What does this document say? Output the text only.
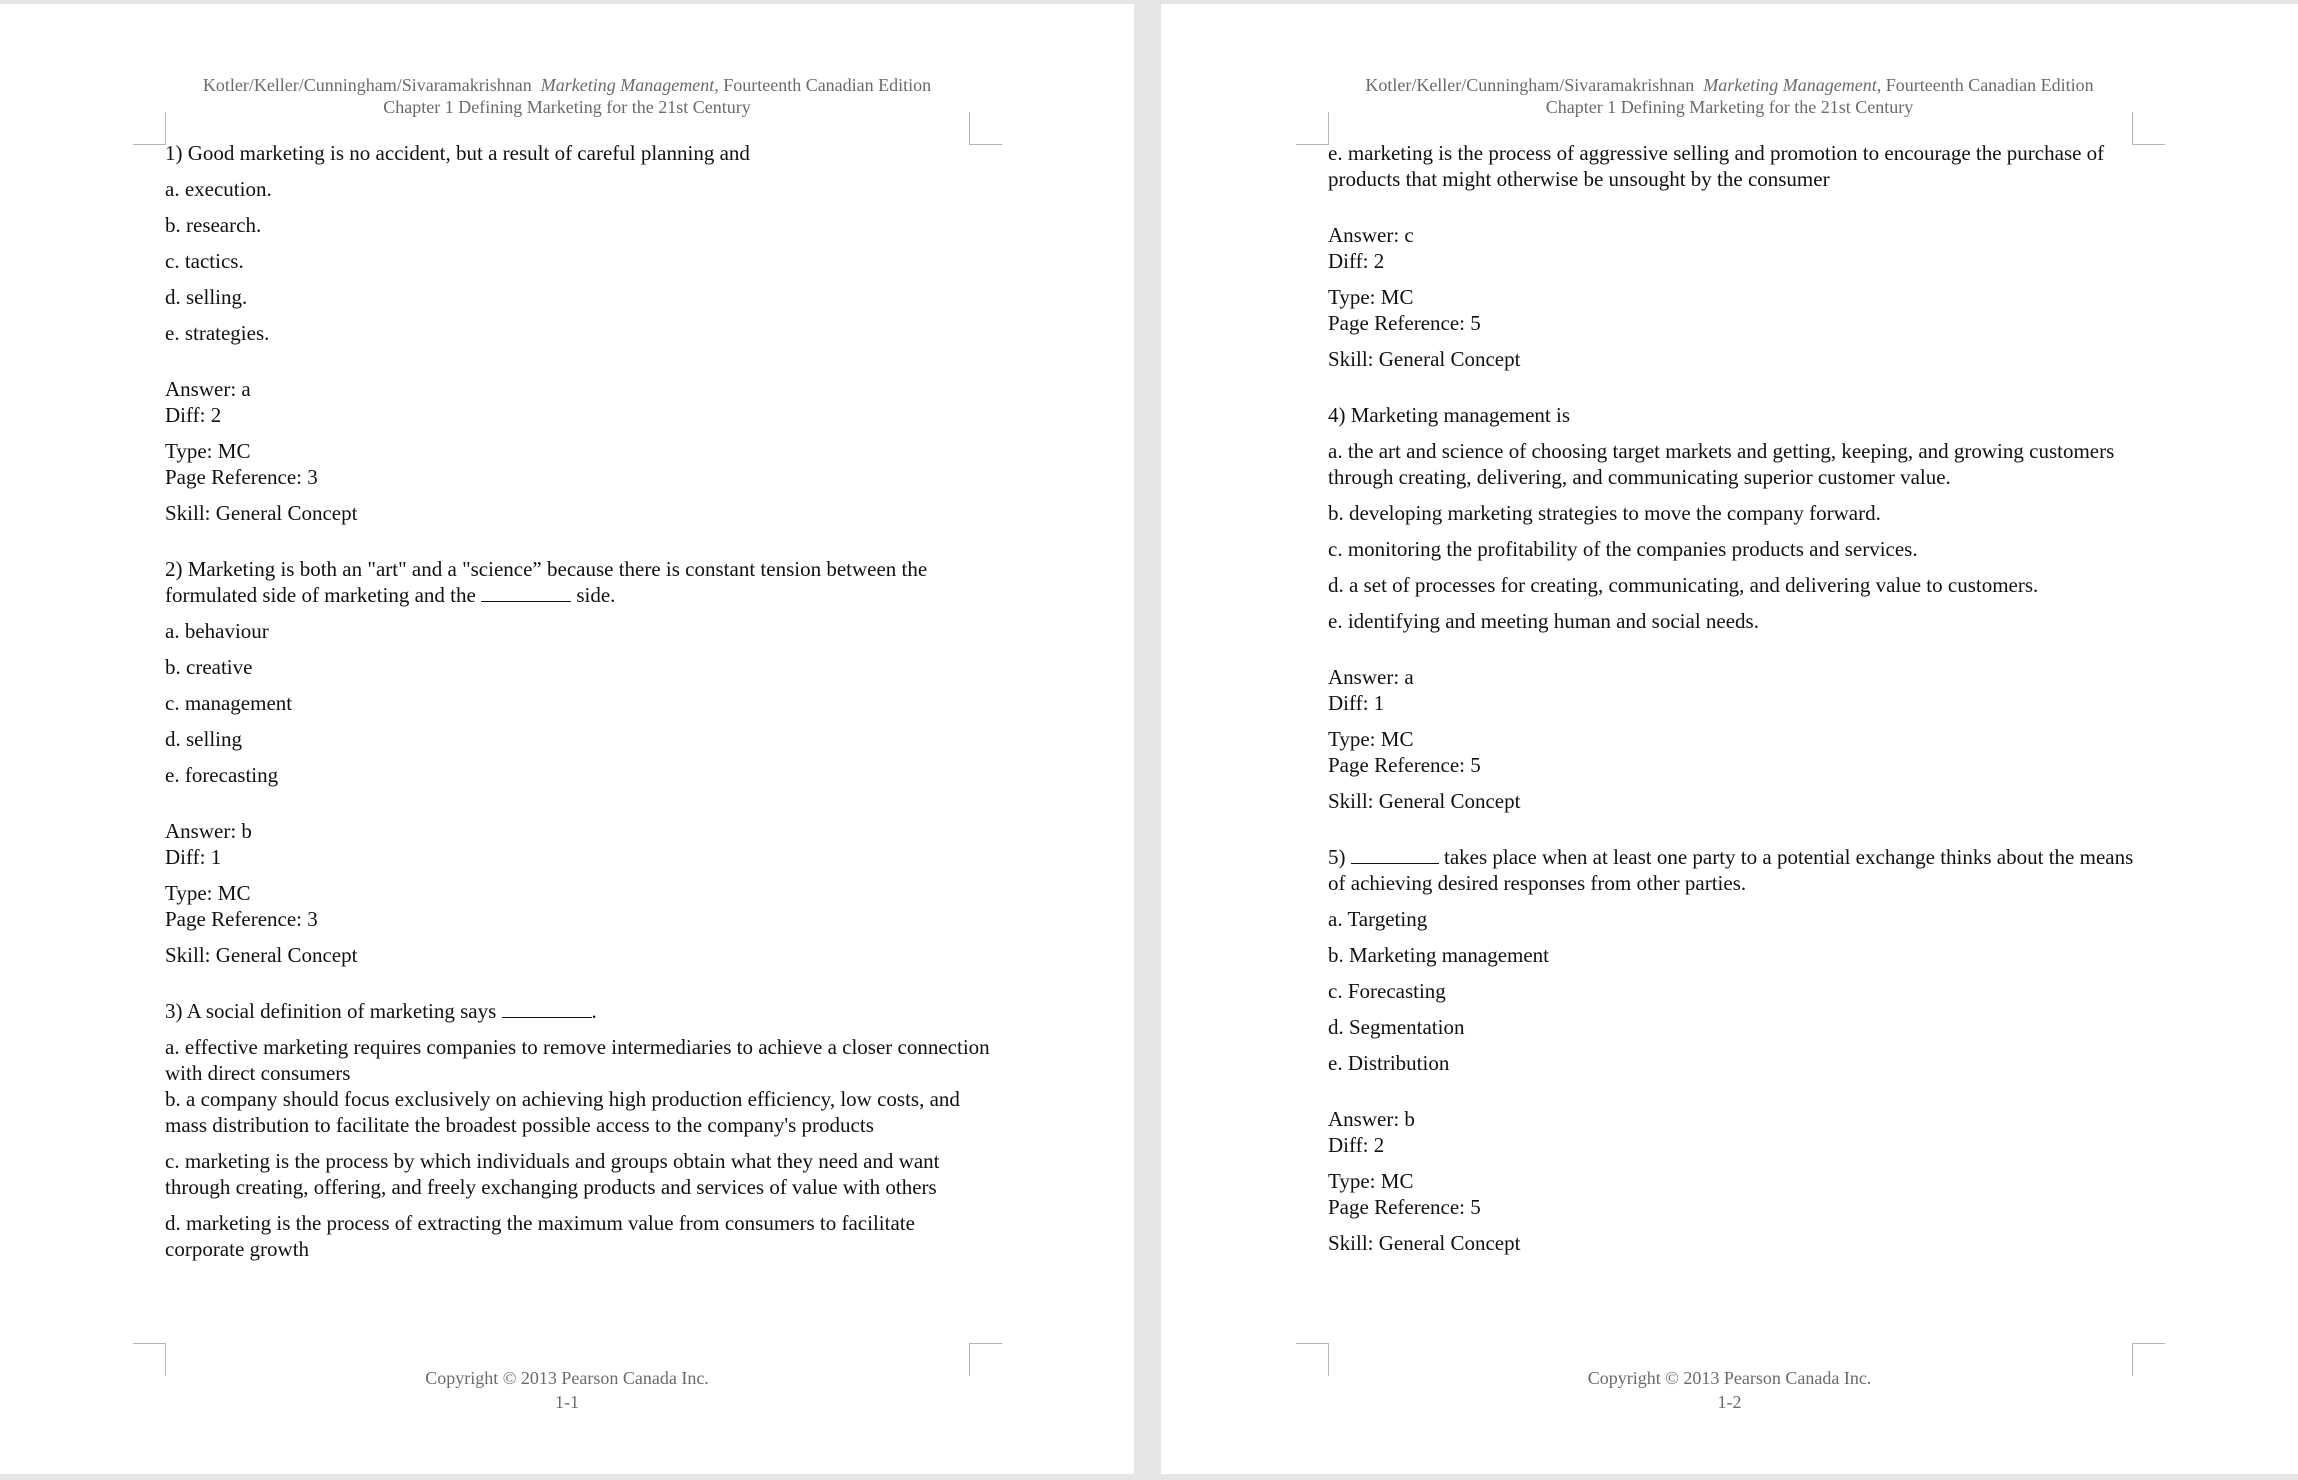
Kotler/Keller/Cunningham/Sivaramakrishnan Marketing Management, Fourteenth Canadian Edition
Chapter 1 Defining Marketing for the 21st Century

1) Good marketing is no accident, but a result of careful planning and

a. execution.

b. research.

c. tactics.

d. selling.

e. strategies.

Answer: a

Diff: 2

Type: MC

Page Reference: 3

Skill: General Concept

2) Marketing is both an "art" and a "science” because there is constant tension between the formulated side of marketing and the	side.

a. behaviour

b. creative

c. management

d. selling

e. forecasting

Answer: b

Diff: 1

Type: MC

Page Reference: 3

Skill: General Concept

3) A social definition of marketing says	.

a. effective marketing requires companies to remove intermediaries to achieve a closer connection with direct consumers

b. a company should focus exclusively on achieving high production efficiency, low costs, and mass distribution to facilitate the broadest possible access to the company's products

c. marketing is the process by which individuals and groups obtain what they need and want through creating, offering, and freely exchanging products and services of value with others

d. marketing is the process of extracting the maximum value from consumers to facilitate corporate growth

Copyright © 2013 Pearson Canada Inc.
1-1
Kotler/Keller/Cunningham/Sivaramakrishnan Marketing Management, Fourteenth Canadian Edition
Chapter 1 Defining Marketing for the 21st Century

e. marketing is the process of aggressive selling and promotion to encourage the purchase of products that might otherwise be unsought by the consumer

Answer: c

Diff: 2

Type: MC

Page Reference: 5

Skill: General Concept

4) Marketing management is

a. the art and science of choosing target markets and getting, keeping, and growing customers through creating, delivering, and communicating superior customer value.

b. developing marketing strategies to move the company forward.

c. monitoring the profitability of the companies products and services.

d. a set of processes for creating, communicating, and delivering value to customers.

e. identifying and meeting human and social needs.

Answer: a

Diff: 1

Type: MC

Page Reference: 5

Skill: General Concept

5)	takes place when at least one party to a potential exchange thinks about the means of achieving desired responses from other parties.

a. Targeting

b. Marketing management

c. Forecasting

d. Segmentation

e. Distribution

Answer: b

Diff: 2

Type: MC

Page Reference: 5

Skill: General Concept

Copyright © 2013 Pearson Canada Inc.
1-2
